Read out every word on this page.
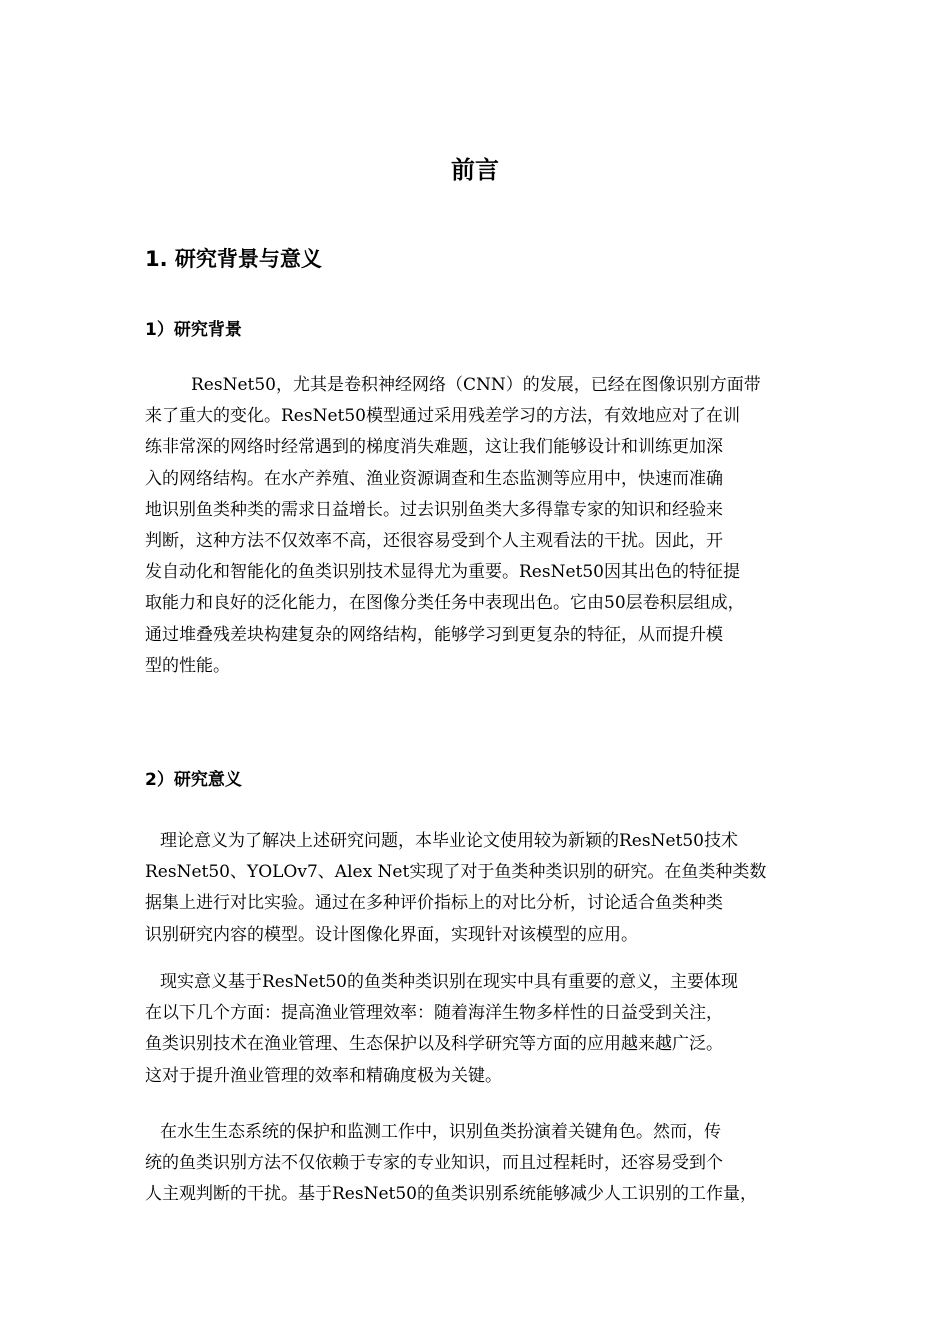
前言
1. 研究背景与意义
1）研究背景
ResNet50，尤其是卷积神经网络（CNN）的发展，已经在图像识别方面带
来了重大的变化。ResNet50模型通过采用残差学习的方法，有效地应对了在训
练非常深的网络时经常遇到的梯度消失难题，这让我们能够设计和训练更加深
入的网络结构。在水产养殖、渔业资源调查和生态监测等应用中，快速而准确
地识别鱼类种类的需求日益增长。过去识别鱼类大多得靠专家的知识和经验来
判断，这种方法不仅效率不高，还很容易受到个人主观看法的干扰。因此，开
发自动化和智能化的鱼类识别技术显得尤为重要。ResNet50因其出色的特征提
取能力和良好的泛化能力，在图像分类任务中表现出色。它由50层卷积层组成，
通过堆叠残差块构建复杂的网络结构，能够学习到更复杂的特征，从而提升模
型的性能。
2）研究意义
理论意义为了解决上述研究问题，本毕业论文使用较为新颖的ResNet50技术
ResNet50、YOLOv7、Alex Net实现了对于鱼类种类识别的研究。在鱼类种类数
据集上进行对比实验。通过在多种评价指标上的对比分析，讨论适合鱼类种类
识别研究内容的模型。设计图像化界面，实现针对该模型的应用。
现实意义基于ResNet50的鱼类种类识别在现实中具有重要的意义，主要体现
在以下几个方面：提高渔业管理效率：随着海洋生物多样性的日益受到关注，
鱼类识别技术在渔业管理、生态保护以及科学研究等方面的应用越来越广泛。
这对于提升渔业管理的效率和精确度极为关键。
在水生生态系统的保护和监测工作中，识别鱼类扮演着关键角色。然而，传
统的鱼类识别方法不仅依赖于专家的专业知识，而且过程耗时，还容易受到个
人主观判断的干扰。基于ResNet50的鱼类识别系统能够减少人工识别的工作量，
